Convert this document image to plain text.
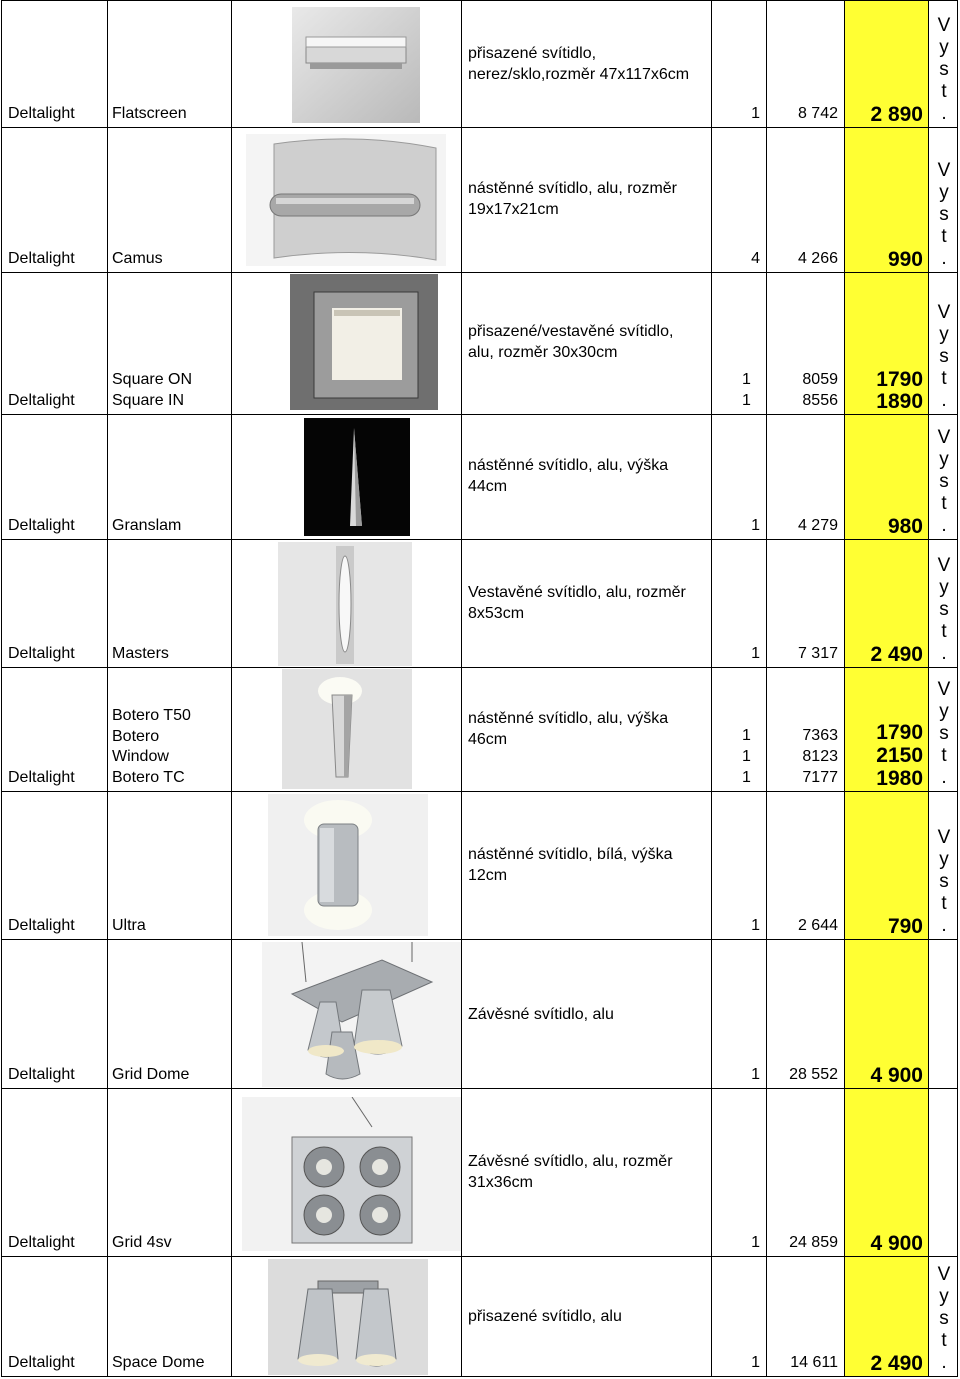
Deltalight Flatscreen
přisazené svítidlo,
nerez/sklo,rozměr 47x117x6cm
1 8 742 2 890
V
y
s
t
.
Deltalight Camus
nástěnné svítidlo, alu, rozměr
19x17x21cm
4 4 266 990
V
y
s
t
.
Deltalight
Square ON
Square IN
přisazené/vestavěné svítidlo,
alu, rozměr 30x30cm
1
1
8059
8556
1790
1890
V
y
s
t
.
Deltalight Granslam
nástěnné svítidlo, alu, výška
44cm
1 4 279 980
V
y
s
t
.
Deltalight Masters
Vestavěné svítidlo, alu, rozměr
8x53cm
1 7 317 2 490
V
y
s
t
.
Deltalight
Botero T50
Botero
Window
Botero TC
nástěnné svítidlo, alu, výška
46cm	1
1
1
7363
8123
7177
1790
2150
1980
V
y
s
t
.
Deltalight Ultra
nástěnné svítidlo, bílá, výška
12cm
1 2 644 790
V
y
s
t
.
Deltalight Grid Dome
Závěsné svítidlo, alu
1 28 552 4 900
Deltalight Grid 4sv
Závěsné svítidlo, alu, rozměr
31x36cm
1 24 859 4 900
Deltalight Space Dome
přisazené svítidlo, alu
1 14 611 2 490
V
y
s
t
.
